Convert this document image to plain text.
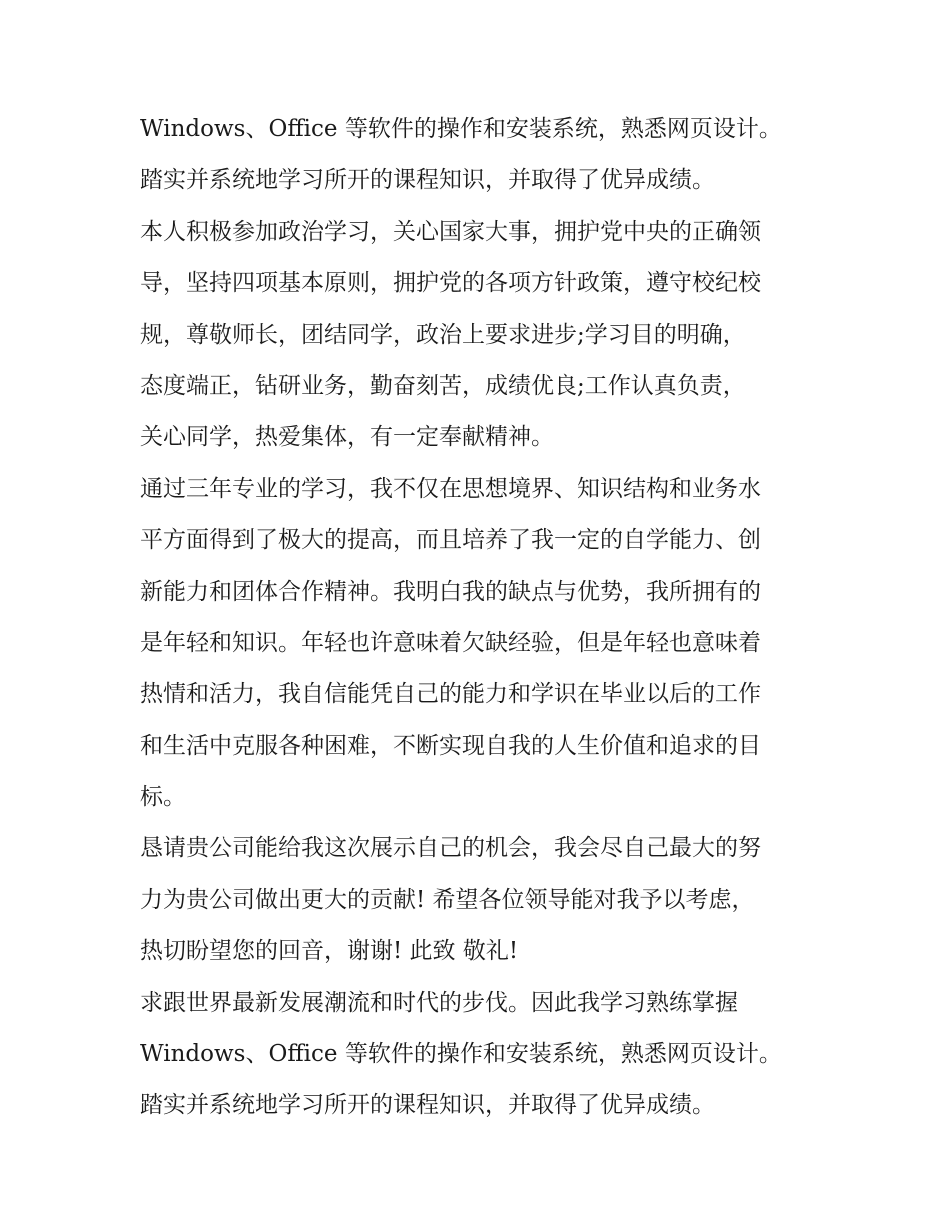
Windows、Office 等软件的操作和安装系统，熟悉网页设计。
踏实并系统地学习所开的课程知识，并取得了优异成绩。
本人积极参加政治学习，关心国家大事，拥护党中央的正确领
导，坚持四项基本原则，拥护党的各项方针政策，遵守校纪校
规，尊敬师长，团结同学，政治上要求进步;学习目的明确，
态度端正，钻研业务，勤奋刻苦，成绩优良;工作认真负责，
关心同学，热爱集体，有一定奉献精神。
通过三年专业的学习，我不仅在思想境界、知识结构和业务水
平方面得到了极大的提高，而且培养了我一定的自学能力、创
新能力和团体合作精神。我明白我的缺点与优势，我所拥有的
是年轻和知识。年轻也许意味着欠缺经验，但是年轻也意味着
热情和活力，我自信能凭自己的能力和学识在毕业以后的工作
和生活中克服各种困难，不断实现自我的人生价值和追求的目
标。
恳请贵公司能给我这次展示自己的机会，我会尽自己最大的努
力为贵公司做出更大的贡献! 希望各位领导能对我予以考虑，
热切盼望您的回音，谢谢! 此致 敬礼!
求跟世界最新发展潮流和时代的步伐。因此我学习熟练掌握
Windows、Office 等软件的操作和安装系统，熟悉网页设计。
踏实并系统地学习所开的课程知识，并取得了优异成绩。
